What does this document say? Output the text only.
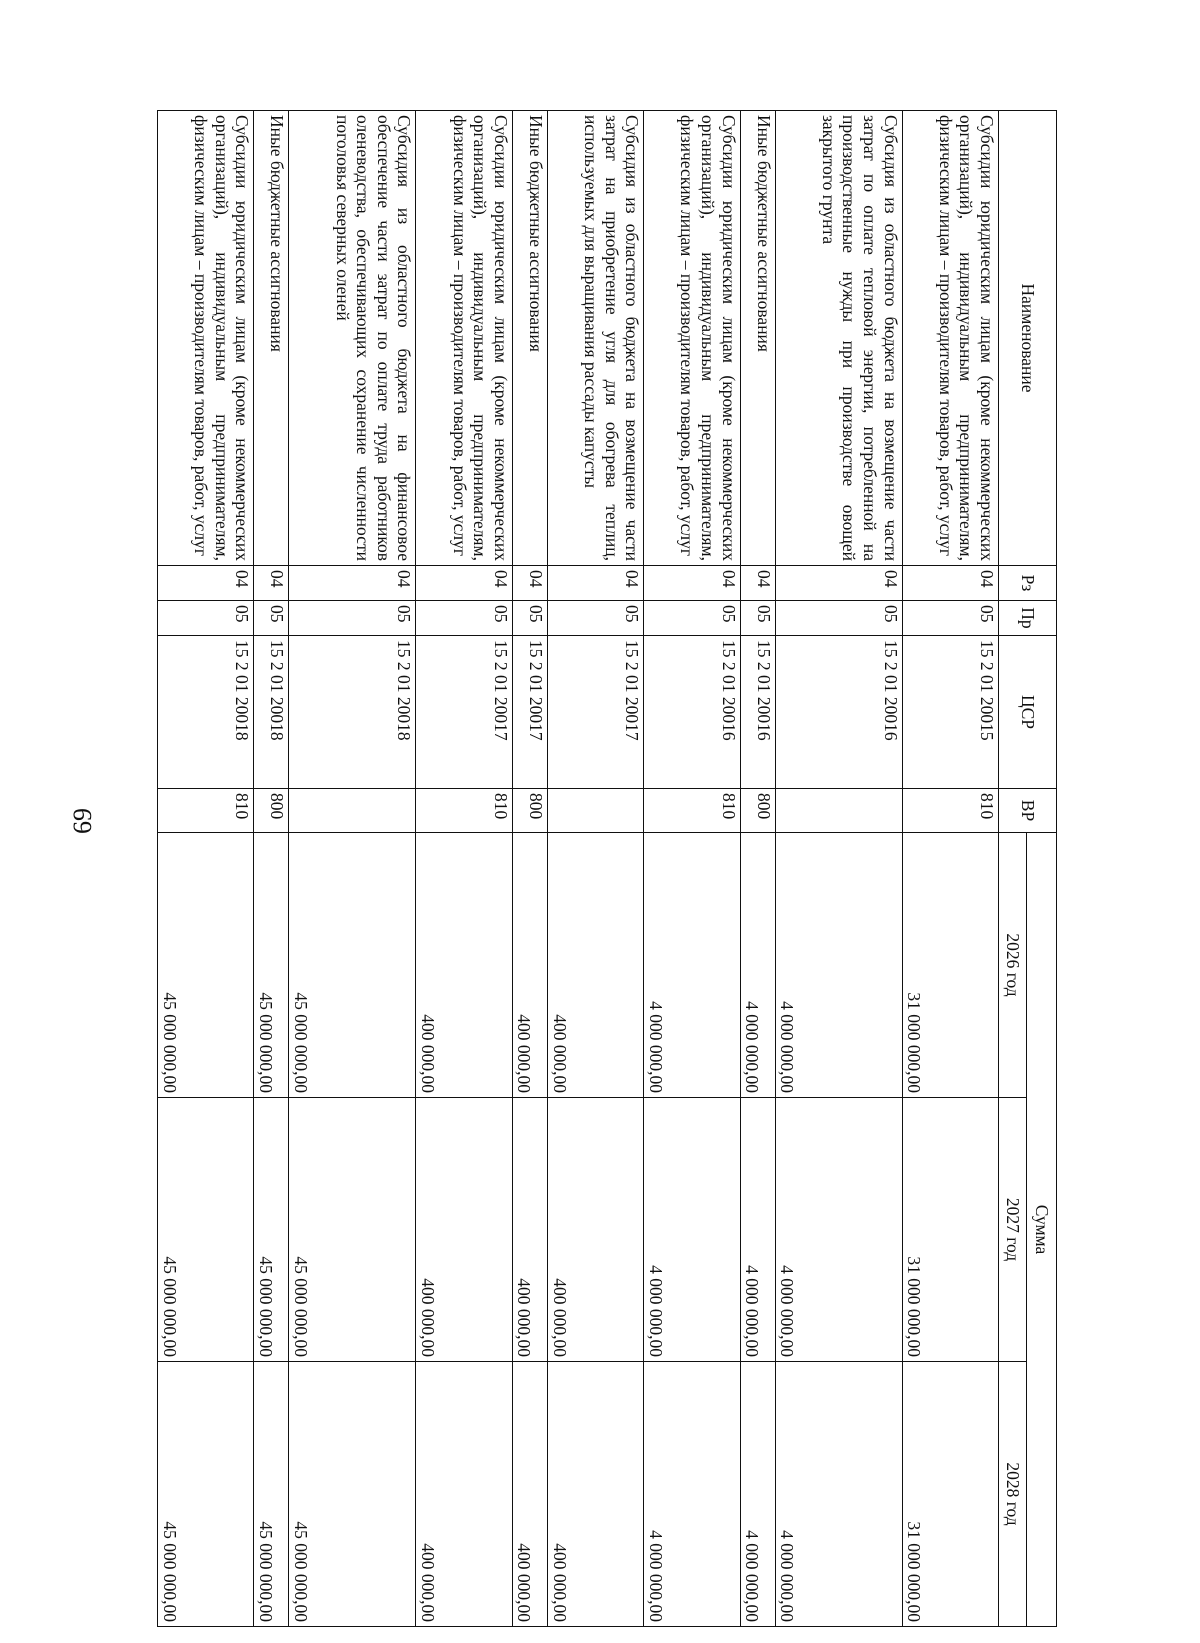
69
Наименование	Рз	Пр	ЦСР	ВР	Сумма		
					2026 год	2027 год	2028 год
Субсидии юридическим лицам (кроме некоммерческих организаций), индивидуальным предпринимателям, физическим лицам – производителям товаров, работ, услуг	04	05	15 2 01 20015	810	31 000 000,00	31 000 000,00	31 000 000,00
Субсидия из областного бюджета на возмещение части затрат по оплате тепловой энергии, потребленной на производственные нужды при производстве овощей закрытого грунта	04	05	15 2 01 20016		4 000 000,00	4 000 000,00	4 000 000,00
Иные бюджетные ассигнования	04	05	15 2 01 20016	800	4 000 000,00	4 000 000,00	4 000 000,00
Субсидии юридическим лицам (кроме некоммерческих организаций), индивидуальным предпринимателям, физическим лицам – производителям товаров, работ, услуг	04	05	15 2 01 20016	810	4 000 000,00	4 000 000,00	4 000 000,00
Субсидия из областного бюджета на возмещение части затрат на приобретение угля для обогрева теплиц, используемых для выращивания рассады капусты	04	05	15 2 01 20017		400 000,00	400 000,00	400 000,00
Иные бюджетные ассигнования	04	05	15 2 01 20017	800	400 000,00	400 000,00	400 000,00
Субсидии юридическим лицам (кроме некоммерческих организаций), индивидуальным предпринимателям, физическим лицам – производителям товаров, работ, услуг	04	05	15 2 01 20017	810	400 000,00	400 000,00	400 000,00
Субсидия из областного бюджета на финансовое обеспечение части затрат по оплате труда работников оленеводства, обеспечивающих сохранение численности поголовья северных оленей	04	05	15 2 01 20018		45 000 000,00	45 000 000,00	45 000 000,00
Иные бюджетные ассигнования	04	05	15 2 01 20018	800	45 000 000,00	45 000 000,00	45 000 000,00
Субсидии юридическим лицам (кроме некоммерческих организаций), индивидуальным предпринимателям, физическим лицам – производителям товаров, работ, услуг	04	05	15 2 01 20018	810	45 000 000,00	45 000 000,00	45 000 000,00
